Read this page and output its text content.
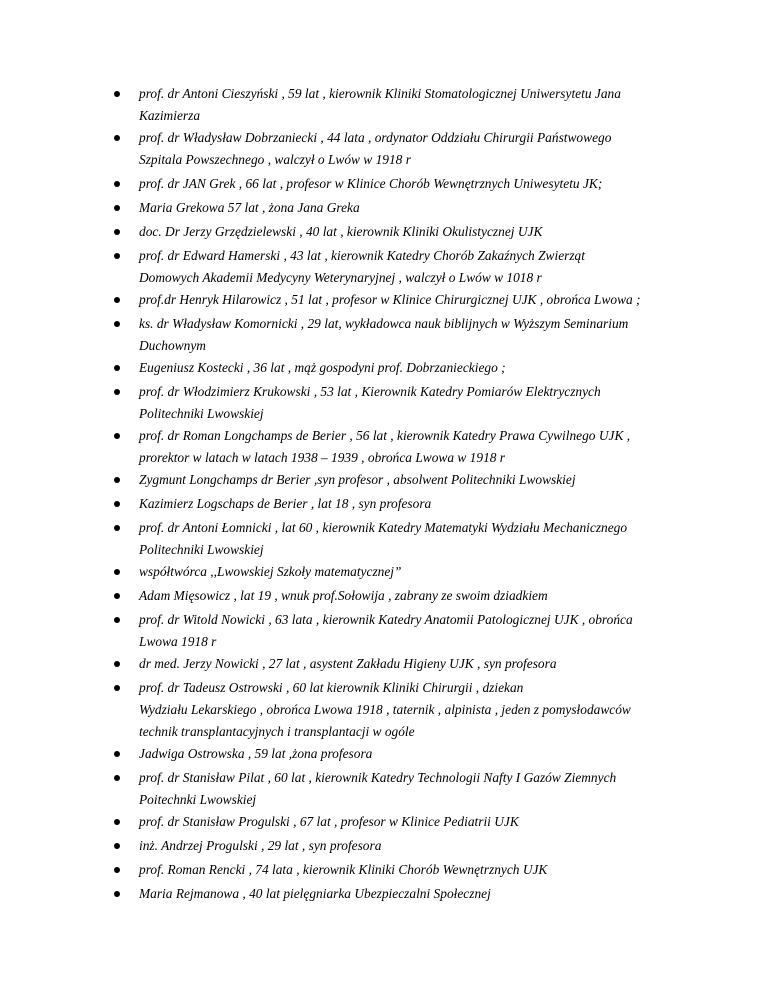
prof. dr Antoni Cieszyński , 59 lat , kierownik Kliniki Stomatologicznej Uniwersytetu Jana
Kazimierza
prof. dr Władysław Dobrzaniecki , 44 lata , ordynator Oddziału Chirurgii Państwowego
Szpitala Powszechnego , walczył o Lwów w 1918 r
prof. dr JAN Grek , 66 lat , profesor w Klinice Chorób Wewnętrznych Uniwesytetu JK;
Maria Grekowa 57 lat , żona Jana Greka
doc. Dr Jerzy Grzędzielewski , 40 lat , kierownik Kliniki Okulistycznej UJK
prof. dr Edward Hamerski , 43 lat , kierownik Katedry Chorób Zakaźnych Zwierząt
Domowych Akademii Medycyny Weterynaryjnej , walczył o Lwów w 1018 r
prof.dr Henryk Hilarowicz , 51 lat , profesor w Klinice Chirurgicznej UJK , obrońca Lwowa ;
ks. dr Władysław Komornicki , 29 lat, wykładowca nauk biblijnych w Wyższym Seminarium
Duchownym
Eugeniusz Kostecki , 36 lat , mąż gospodyni prof. Dobrzanieckiego ;
prof. dr Włodzimierz Krukowski , 53 lat , Kierownik Katedry Pomiarów Elektrycznych
Politechniki Lwowskiej
prof. dr Roman Longchamps de Berier , 56 lat , kierownik Katedry Prawa Cywilnego UJK ,
prorektor w latach w latach 1938 – 1939 , obrońca Lwowa w 1918 r
Zygmunt Longchamps dr Berier ,syn profesor , absolwent Politechniki Lwowskiej
Kazimierz Logschaps de Berier , lat 18 , syn profesora
prof. dr Antoni Łomnicki , lat 60 , kierownik Katedry Matematyki Wydziału Mechanicznego
Politechniki Lwowskiej
współtwórca ,,Lwowskiej Szkoły matematycznej”
Adam Mięsowicz , lat 19 , wnuk prof.Sołowija , zabrany ze swoim dziadkiem
prof. dr Witold Nowicki , 63 lata , kierownik Katedry Anatomii Patologicznej UJK , obrońca
Lwowa 1918 r
dr med. Jerzy Nowicki , 27 lat , asystent Zakładu Higieny UJK , syn profesora
prof. dr Tadeusz Ostrowski , 60 lat kierownik Kliniki Chirurgii , dziekan
Wydziału Lekarskiego , obrońca Lwowa 1918 , taternik , alpinista , jeden z pomysłodawców
technik transplantacyjnych i transplantacji w ogóle
Jadwiga Ostrowska , 59 lat ,żona profesora
prof. dr Stanisław Pilat , 60 lat , kierownik Katedry Technologii Nafty I Gazów Ziemnych
Poitechnki Lwowskiej
prof. dr Stanisław Progulski , 67 lat , profesor w Klinice Pediatrii UJK
inż. Andrzej Progulski , 29 lat , syn profesora
prof. Roman Rencki , 74 lata , kierownik Kliniki Chorób Wewnętrznych UJK
Maria Rejmanowa , 40 lat pielęgniarka Ubezpieczalni Społecznej
